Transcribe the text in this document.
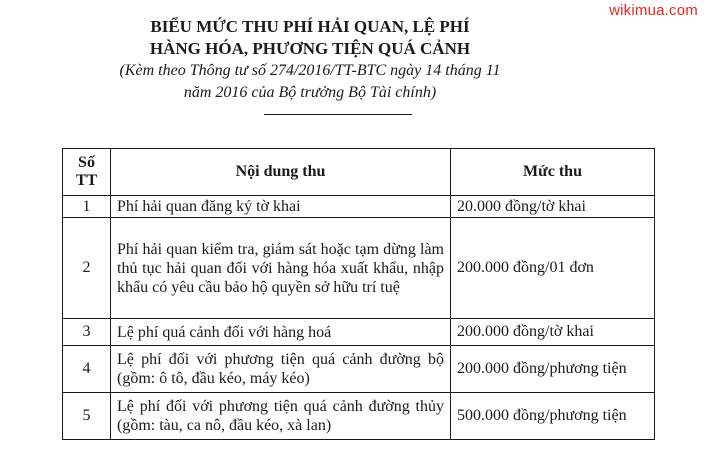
wikimua.com
BIỂU MỨC THU PHÍ HẢI QUAN, LỆ PHÍ
HÀNG HÓA, PHƯƠNG TIỆN QUÁ CẢNH
(Kèm theo Thông tư số 274/2016/TT-BTC ngày 14 tháng 11
năm 2016 của Bộ trưởng Bộ Tài chính)
Số
TT	Nội dung thu	Mức thu
1	Phí hải quan đăng ký tờ khai	20.000 đồng/tờ khai
2	Phí hải quan kiểm tra, giám sát hoặc tạm dừng làm thủ tục hải quan đối với hàng hóa xuất khẩu, nhập khẩu có yêu cầu bảo hộ quyền sở hữu trí tuệ	200.000 đồng/01 đơn
3	Lệ phí quá cảnh đối với hàng hoá	200.000 đồng/tờ khai
4	Lệ phí đối với phương tiện quá cảnh đường bộ (gồm: ô tô, đầu kéo, máy kéo)	200.000 đồng/phương tiện
5	Lệ phí đối với phương tiện quá cảnh đường thủy (gồm: tàu, ca nô, đầu kéo, xà lan)	500.000 đồng/phương tiện
